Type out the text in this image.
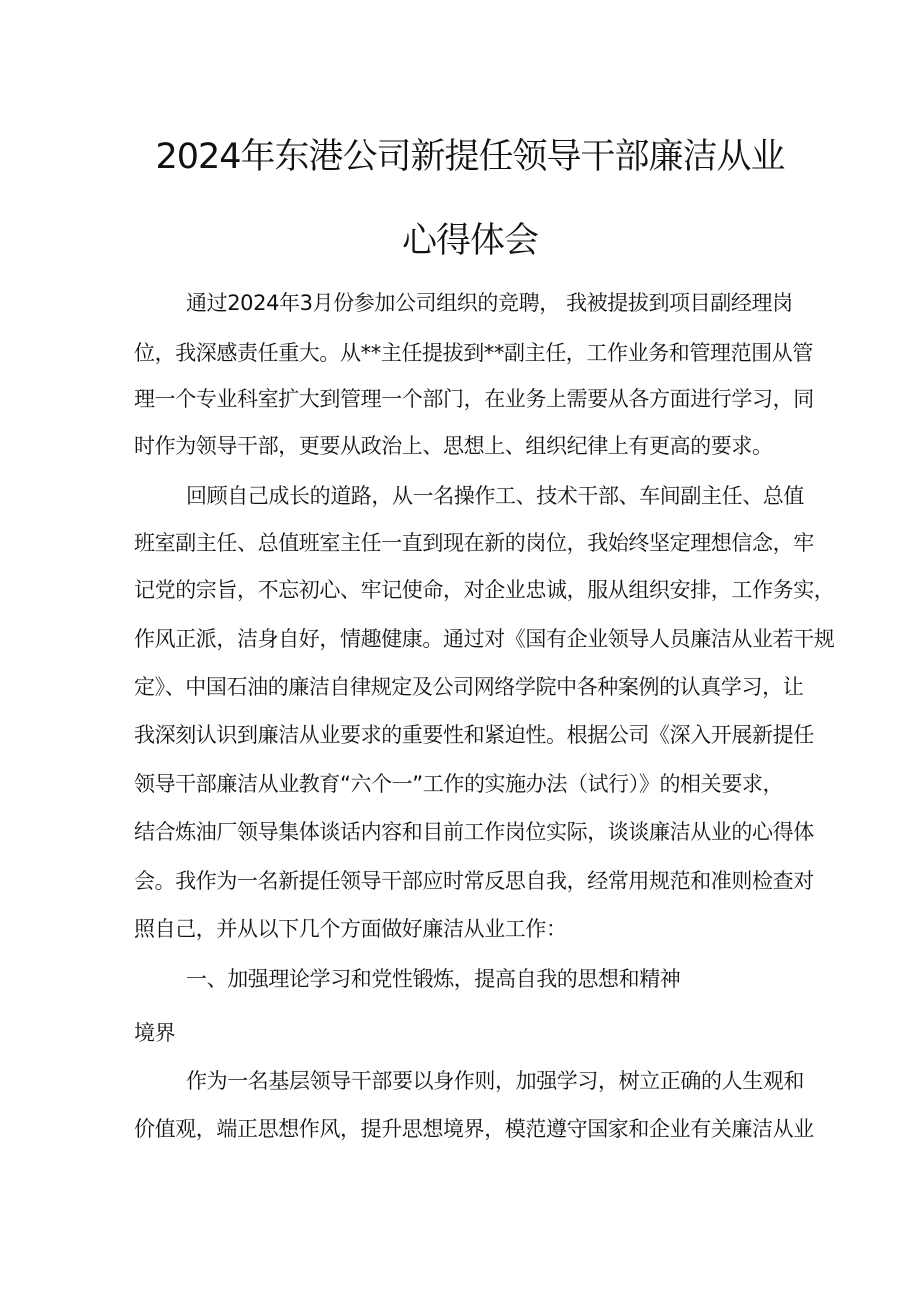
2024年东港公司新提任领导干部廉洁从业
心得体会
通过2024年3月份参加公司组织的竞聘， 我被提拔到项目副经理岗
位，我深感责任重大。从**主任提拔到**副主任，工作业务和管理范围从管
理一个专业科室扩大到管理一个部门，在业务上需要从各方面进行学习，同
时作为领导干部，更要从政治上、思想上、组织纪律上有更高的要求。
回顾自己成长的道路，从一名操作工、技术干部、车间副主任、总值
班室副主任、总值班室主任一直到现在新的岗位，我始终坚定理想信念，牢
记党的宗旨，不忘初心、牢记使命，对企业忠诚，服从组织安排，工作务实，
作风正派，洁身自好，情趣健康。通过对《国有企业领导人员廉洁从业若干规
定》、中国石油的廉洁自律规定及公司网络学院中各种案例的认真学习，让
我深刻认识到廉洁从业要求的重要性和紧迫性。根据公司《深入开展新提任
领导干部廉洁从业教育“六个一”工作的实施办法（试行）》的相关要求，
结合炼油厂领导集体谈话内容和目前工作岗位实际，谈谈廉洁从业的心得体
会。我作为一名新提任领导干部应时常反思自我，经常用规范和准则检查对
照自己，并从以下几个方面做好廉洁从业工作：
一、加强理论学习和党性锻炼，提高自我的思想和精神
境界
作为一名基层领导干部要以身作则，加强学习，树立正确的人生观和
价值观，端正思想作风，提升思想境界，模范遵守国家和企业有关廉洁从业
